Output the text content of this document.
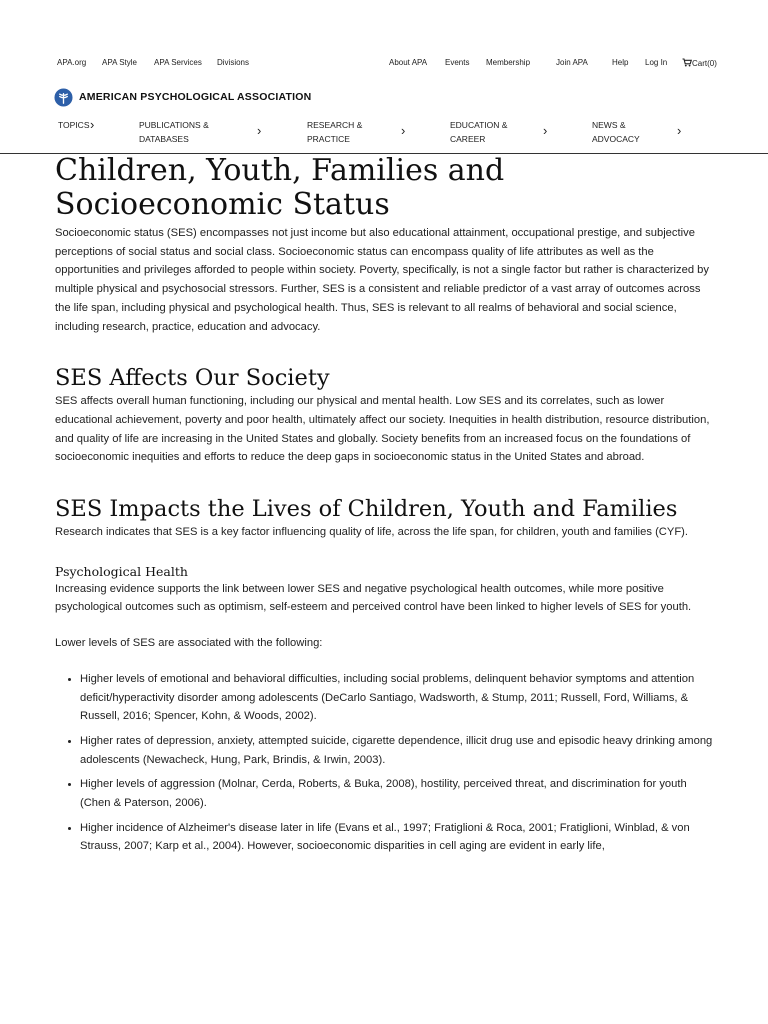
APA.org APA Style APA Services Divisions	About APA Events Membership	Join APA	Help Log In	Cart(0)
AMERICAN PSYCHOLOGICAL ASSOCIATION
TOPICS ›	PUBLICATIONS &
DATABASES
›	RESEARCH &
PRACTICE
›	EDUCATION &
CAREER
›	NEWS &
ADVOCACY
›
Children, Youth, Families and Socioeconomic Status

Socioeconomic status (SES) encompasses not just income but also educational attainment, occupational prestige, and subjective perceptions of social status and social class. Socioeconomic status can encompass quality of life attributes as well as the opportunities and privileges afforded to people within society. Poverty, specifically, is not a single factor but rather is characterized by multiple physical and psychosocial stressors. Further, SES is a consistent and reliable predictor of a vast array of outcomes across the life span, including physical and psychological health. Thus, SES is relevant to all realms of behavioral and social science, including research, practice, education and advocacy.

SES Affects Our Society

SES affects overall human functioning, including our physical and mental health. Low SES and its correlates, such as lower educational achievement, poverty and poor health, ultimately affect our society. Inequities in health distribution, resource distribution, and quality of life are increasing in the United States and globally. Society benefits from an increased focus on the foundations of socioeconomic inequities and efforts to reduce the deep gaps in socioeconomic status in the United States and abroad.

SES Impacts the Lives of Children, Youth and Families

Research indicates that SES is a key factor influencing quality of life, across the life span, for children, youth and families (CYF).

Psychological Health

Increasing evidence supports the link between lower SES and negative psychological health outcomes, while more positive psychological outcomes such as optimism, self-esteem and perceived control have been linked to higher levels of SES for youth.

Lower levels of SES are associated with the following:

• Higher levels of emotional and behavioral difficulties, including social problems, delinquent behavior symptoms and attention deficit/hyperactivity disorder among adolescents (DeCarlo Santiago, Wadsworth, & Stump, 2011; Russell, Ford, Williams, & Russell, 2016; Spencer, Kohn, & Woods, 2002).
• Higher rates of depression, anxiety, attempted suicide, cigarette dependence, illicit drug use and episodic heavy drinking among adolescents (Newacheck, Hung, Park, Brindis, & Irwin, 2003).
• Higher levels of aggression (Molnar, Cerda, Roberts, & Buka, 2008), hostility, perceived threat, and discrimination for youth (Chen & Paterson, 2006).
• Higher incidence of Alzheimer's disease later in life (Evans et al., 1997; Fratiglioni & Roca, 2001; Fratiglioni, Winblad, & von Strauss, 2007; Karp et al., 2004). However, socioeconomic disparities in cell aging are evident in early life,
